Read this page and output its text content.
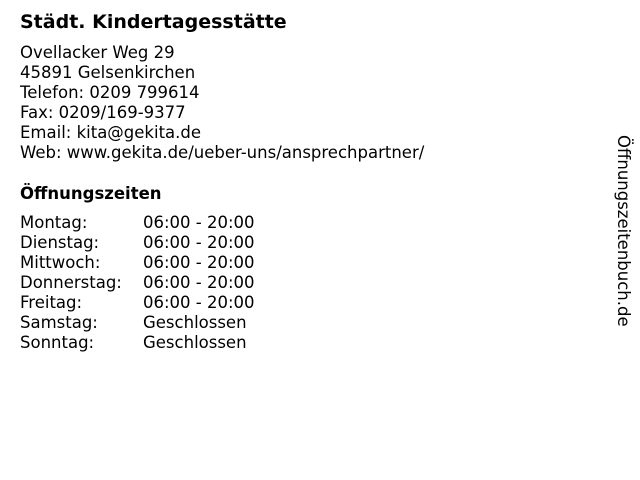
Städt. Kindertagesstätte
Ovellacker Weg 29
45891 Gelsenkirchen
Telefon: 0209 799614
Fax: 0209/169-9377
Email: kita@gekita.de
Web: www.gekita.de/ueber-uns/ansprechpartner/
Öffnungszeiten
Montag:	06:00 - 20:00
Dienstag:	06:00 - 20:00
Mittwoch:	06:00 - 20:00
Donnerstag:	06:00 - 20:00
Freitag:	06:00 - 20:00
Samstag:	Geschlossen
Sonntag:	Geschlossen
Öffnungszeitenbuch.de
